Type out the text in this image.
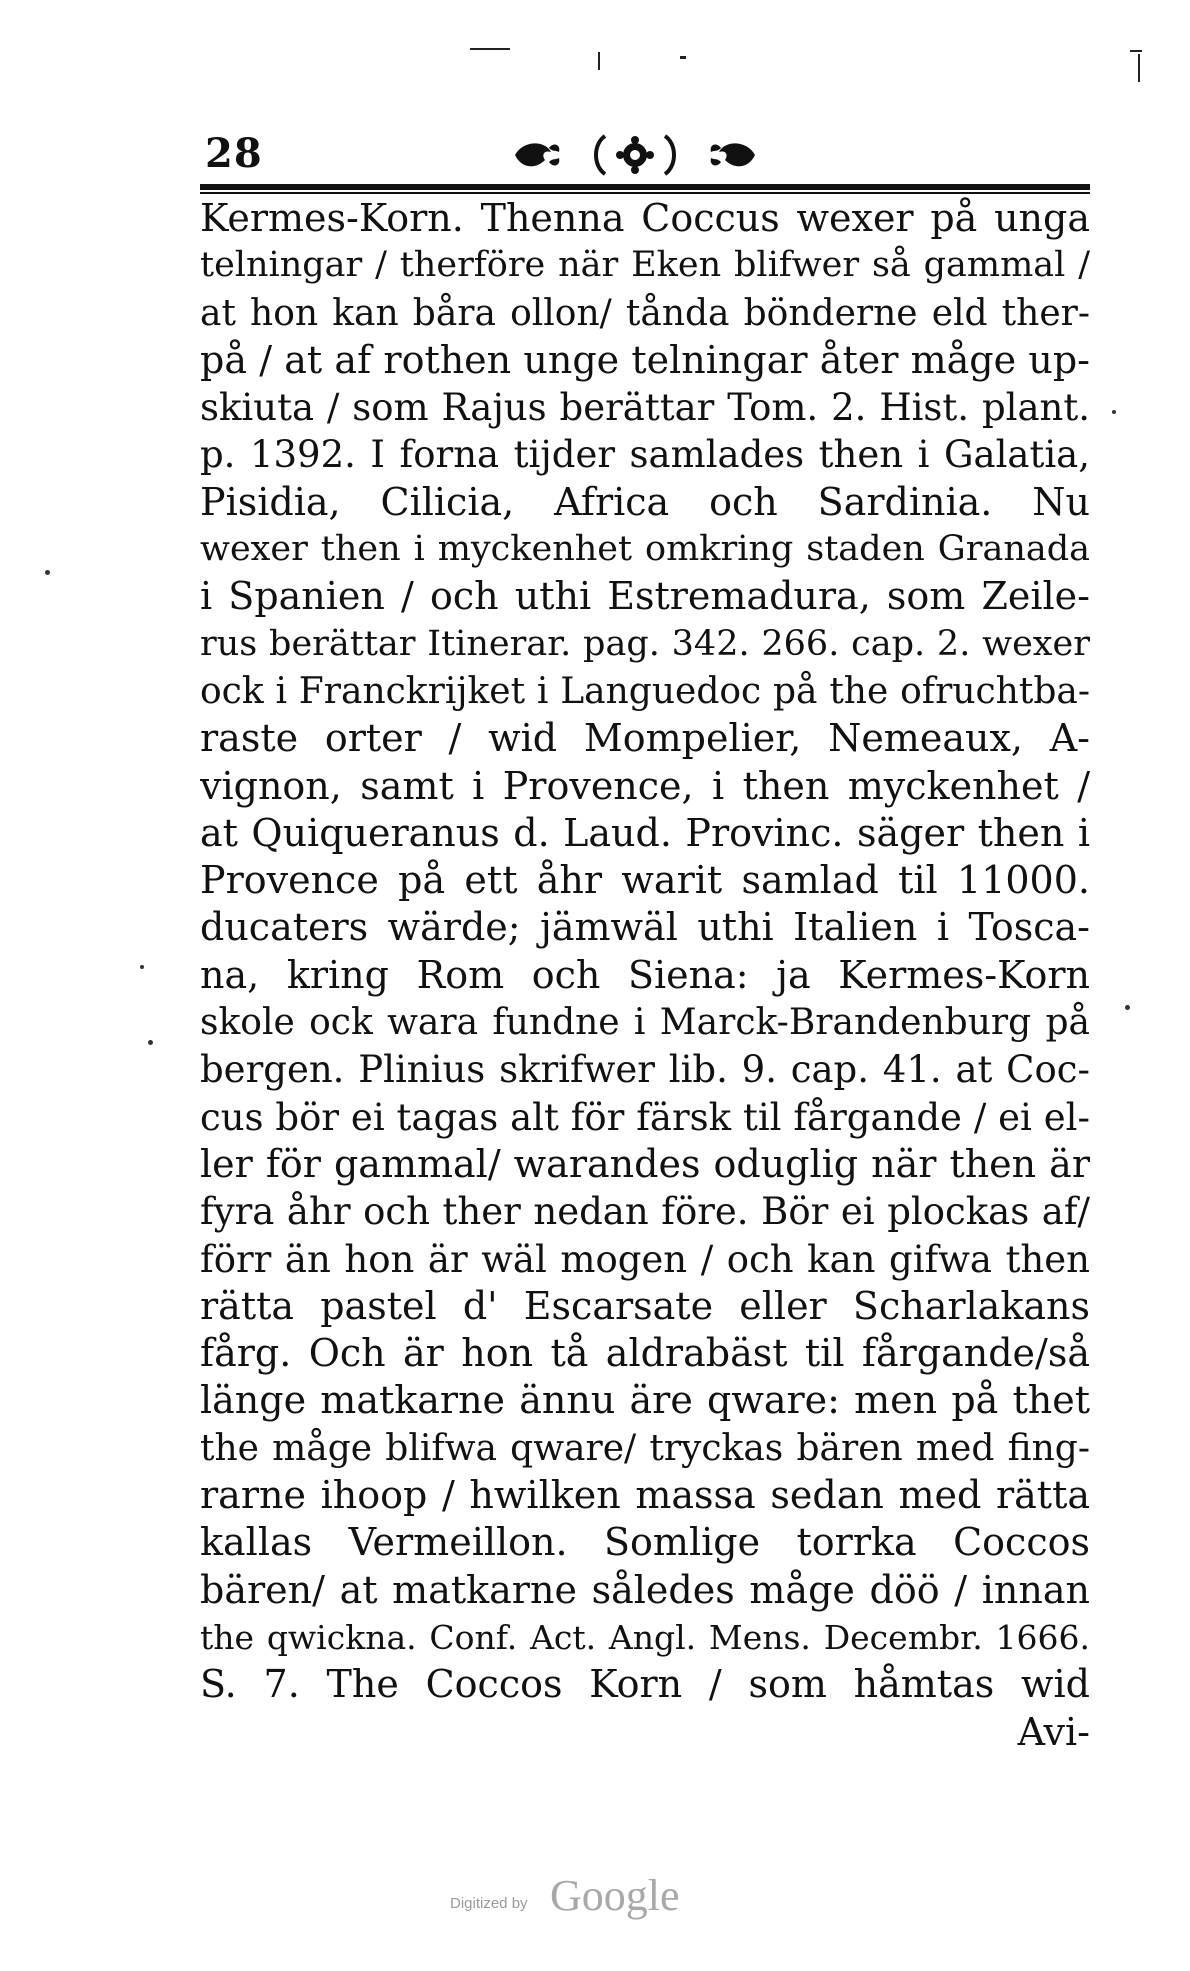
28
Kermes-Korn. Thenna Coccus wexer på unga
telningar / therföre när Eken blifwer så gammal /
at hon kan båra ollon/ tånda bönderne eld ther-
på / at af rothen unge telningar åter måge up-
skiuta / som Rajus berättar Tom. 2. Hist. plant.
p. 1392. I forna tijder samlades then i Galatia,
Pisidia, Cilicia, Africa och Sardinia. Nu
wexer then i myckenhet omkring staden Granada
i Spanien / och uthi Estremadura, som Zeile-
rus berättar Itinerar. pag. 342. 266. cap. 2. wexer
ock i Franckrijket i Languedoc på the ofruchtba-
raste orter / wid Mompelier, Nemeaux, A-
vignon, samt i Provence, i then myckenhet /
at Quiqueranus d. Laud. Provinc. säger then i
Provence på ett åhr warit samlad til 11000.
ducaters wärde; jämwäl uthi Italien i Tosca-
na, kring Rom och Siena: ja Kermes-Korn
skole ock wara fundne i Marck-Brandenburg på
bergen. Plinius skrifwer lib. 9. cap. 41. at Coc-
cus bör ei tagas alt för färsk til fårgande / ei el-
ler för gammal/ warandes oduglig när then är
fyra åhr och ther nedan före. Bör ei plockas af/
förr än hon är wäl mogen / och kan gifwa then
rätta pastel d' Escarsate eller Scharlakans
fårg. Och är hon tå aldrabäst til fårgande/så
länge matkarne ännu äre qware: men på thet
the måge blifwa qware/ tryckas bären med fing-
rarne ihoop / hwilken massa sedan med rätta
kallas Vermeillon. Somlige torrka Coccos
bären/ at matkarne således måge döö / innan
the qwickna. Conf. Act. Angl. Mens. Decembr. 1666.
S. 7. The Coccos Korn / som håmtas wid
Avi-
Digitized by Google
